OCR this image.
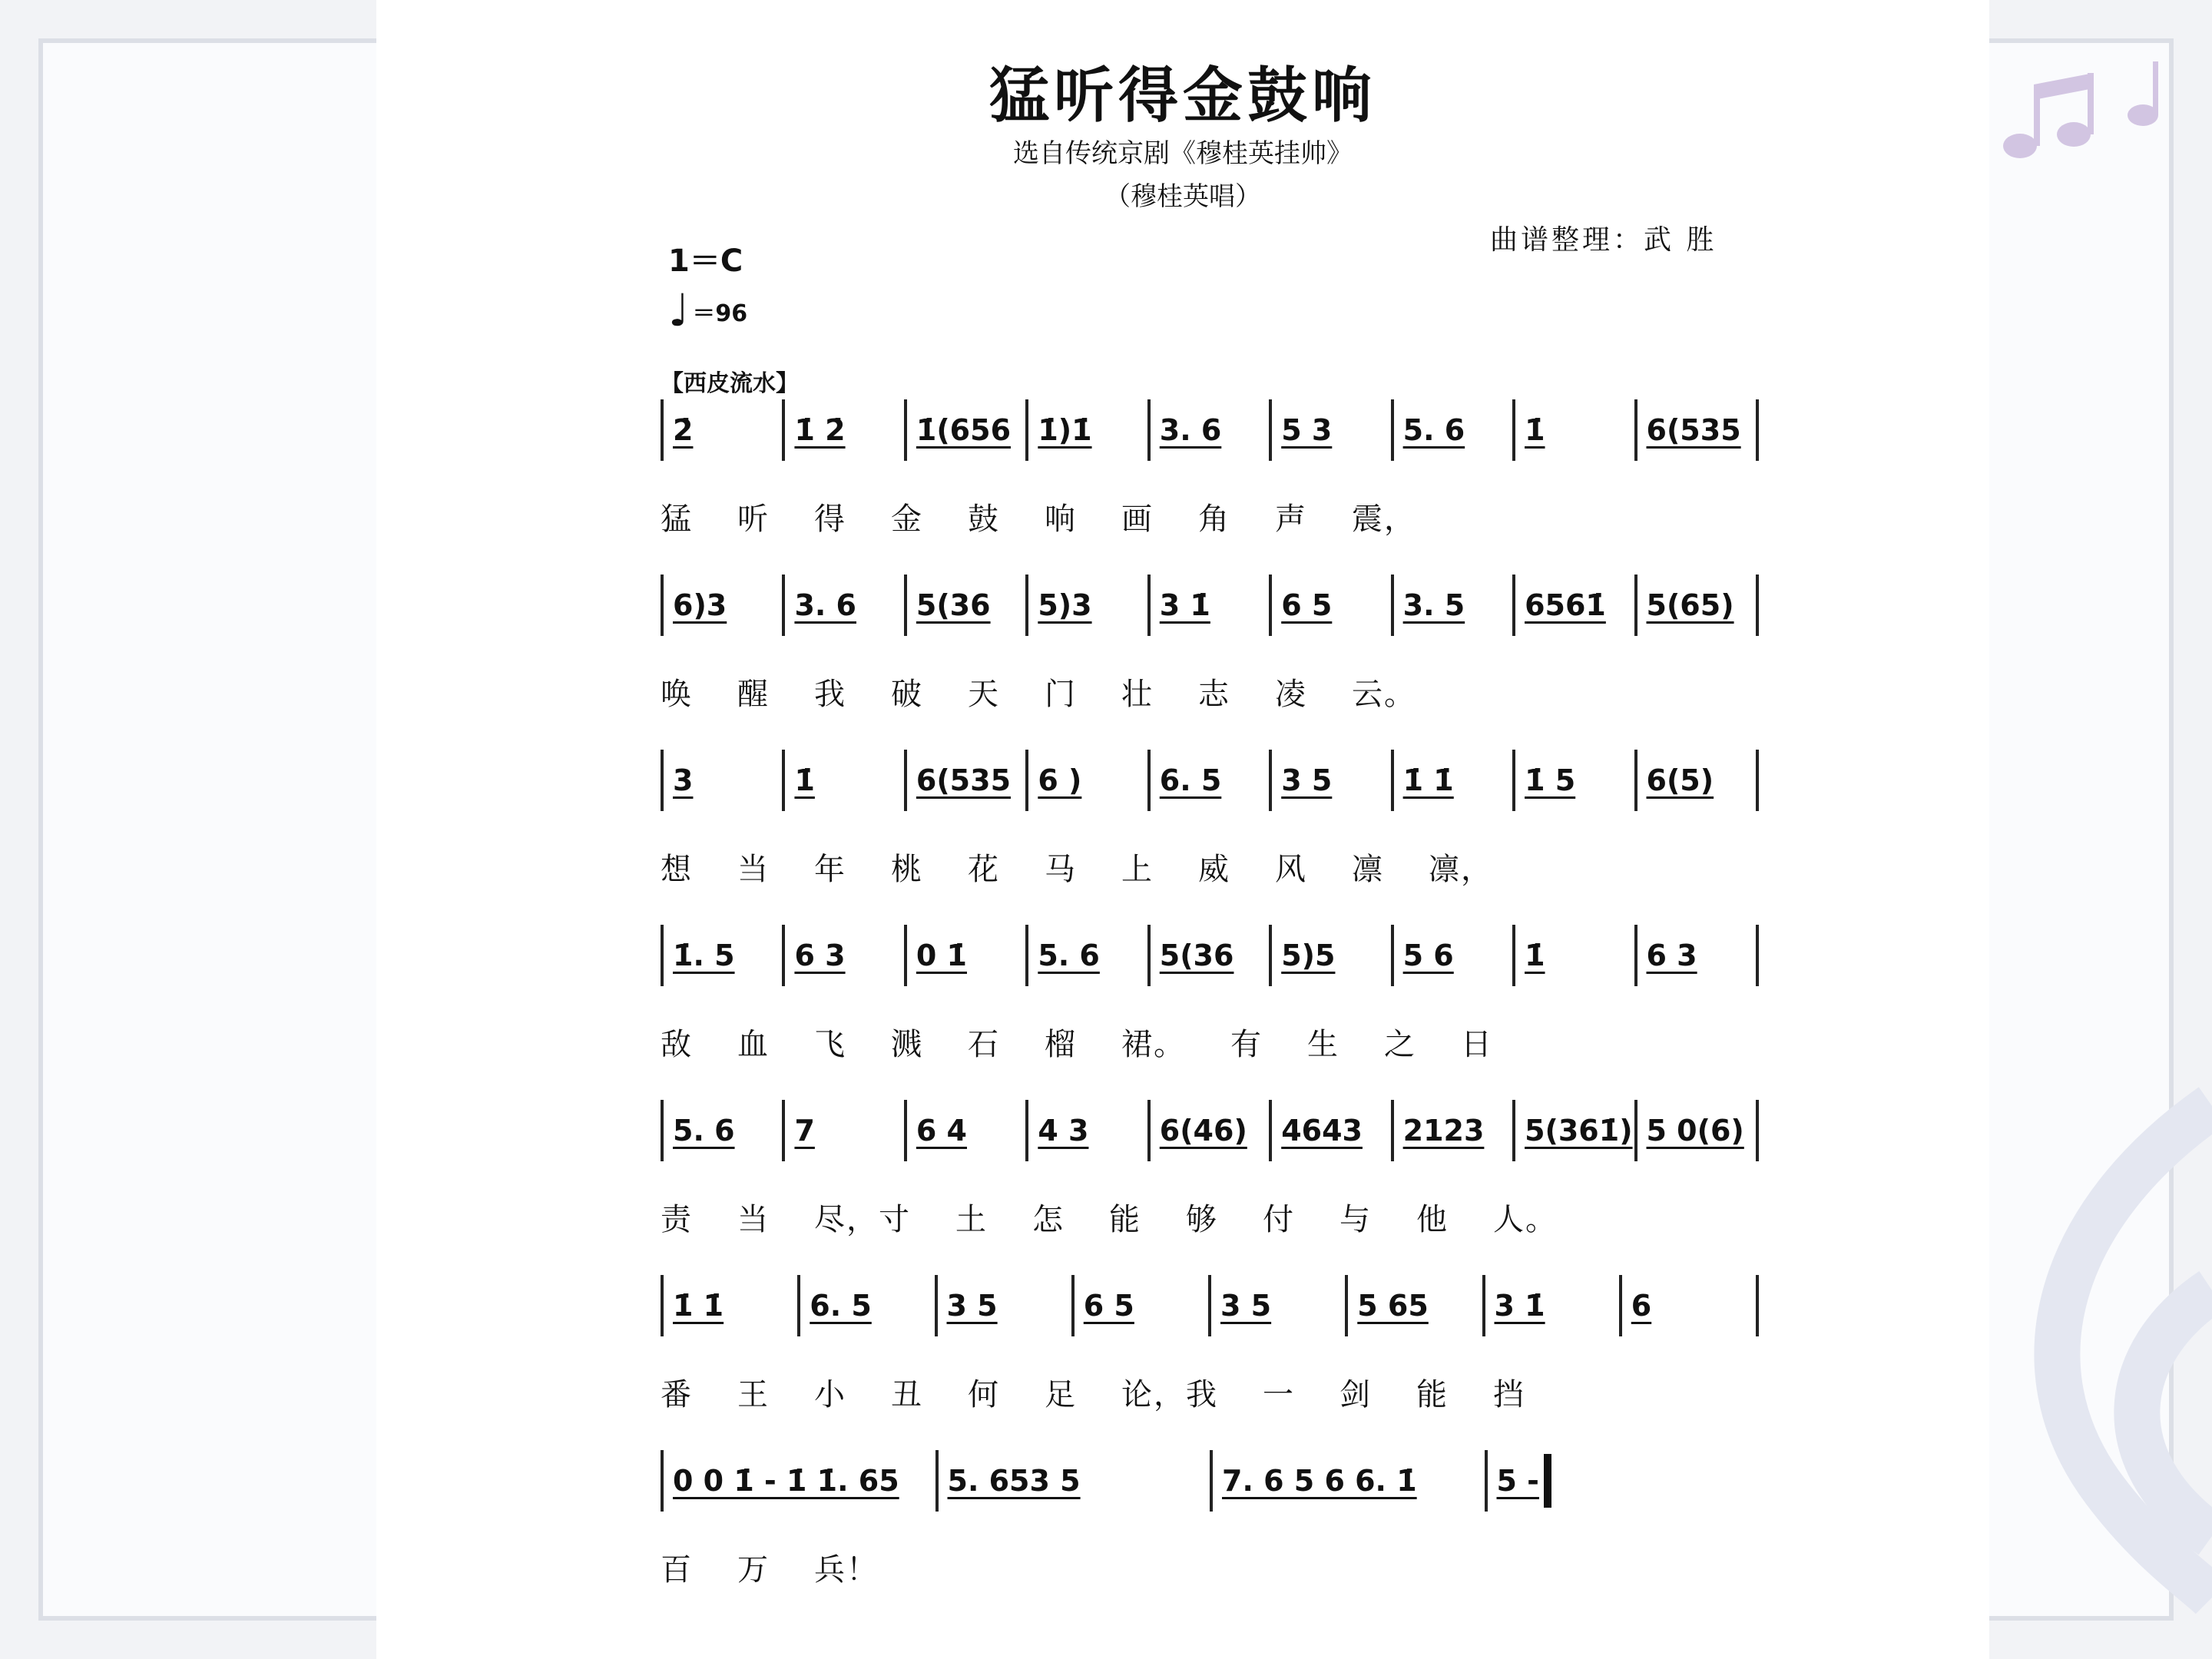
猛听得金鼓响
选自传统京剧《穆桂英挂帅》
（穆桂英唱）
曲谱整理：武 胜
1＝C
♩ ＝96
【西皮流水】
2̇	1̇ 2̇ 1̇(656 1̇)1̇ 3. 6 5 3 5. 6 1̇	6(535
猛 听 得 金 鼓 响 画 角 声 震，
6)3 3. 6 5(36 5)3 3 1̇ 6 5 3. 5 6561̇ 5(65)
唤 醒 我 破 天 门 壮 志 凌 云。
3	1̇	6(535 6 )	6. 5 3 5 1̇ 1̇ 1̇ 5 6(5)
想 当 年 桃 花 马 上 威 风 凛 凛，
1̇. 5 6 3 0 1̇ 5. 6 5(36 5)5 5 6 1̇	6 3
敌 血 飞 溅 石 榴 裙。 有 生 之 日
5. 6 7	6 4 4 3 6(46) 4643 2123 5(361̇) 5 0(6)
责 当 尽，寸 土 怎 能 够 付 与 他 人。
1̇ 1̇	6. 5	3 5	6 5	3 5	5 65 3 1̇	6
番 王 小 丑 何 足 论，我 一 剑 能 挡
0 0 1̇ - 1̇ 1̇. 65 5. 653 5	7. 6 5 6 6. 1̇	5 -
百 万 兵！
